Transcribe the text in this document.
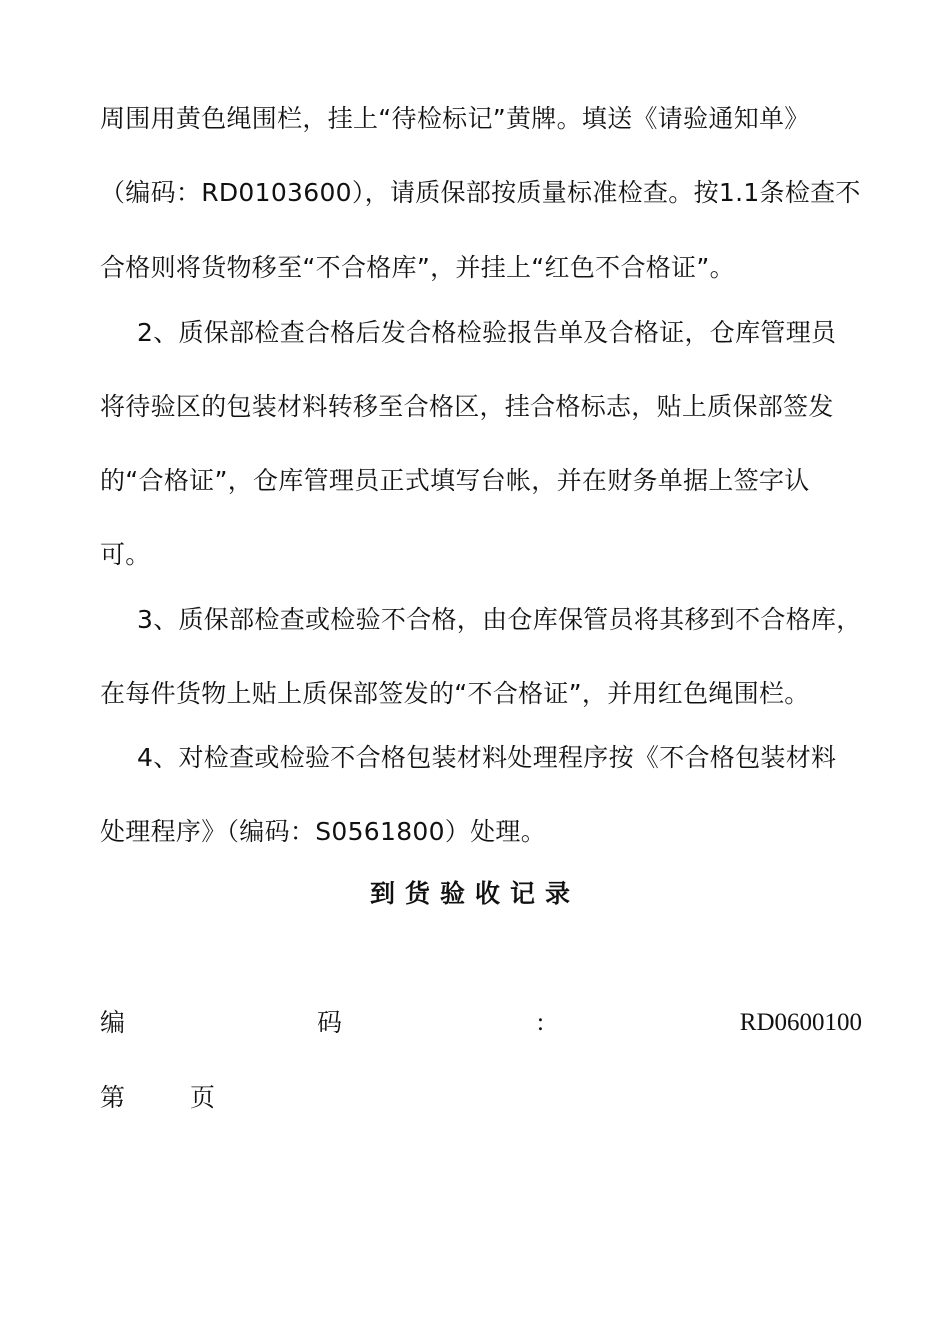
周围用黄色绳围栏，挂上“待检标记”黄牌。填送《请验通知单》
（编码：RD0103600），请质保部按质量标准检查。按1.1条检查不
合格则将货物移至“不合格库”，并挂上“红色不合格证”。
2、质保部检查合格后发合格检验报告单及合格证，仓库管理员
将待验区的包装材料转移至合格区，挂合格标志，贴上质保部签发
的“合格证”，仓库管理员正式填写台帐，并在财务单据上签字认
可。
3、质保部检查或检验不合格，由仓库保管员将其移到不合格库，
在每件货物上贴上质保部签发的“不合格证”，并用红色绳围栏。
4、对检查或检验不合格包装材料处理程序按《不合格包装材料
处理程序》（编码：S0561800）处理。
到货验收记录
编	码	:	RD0600100
第	页
